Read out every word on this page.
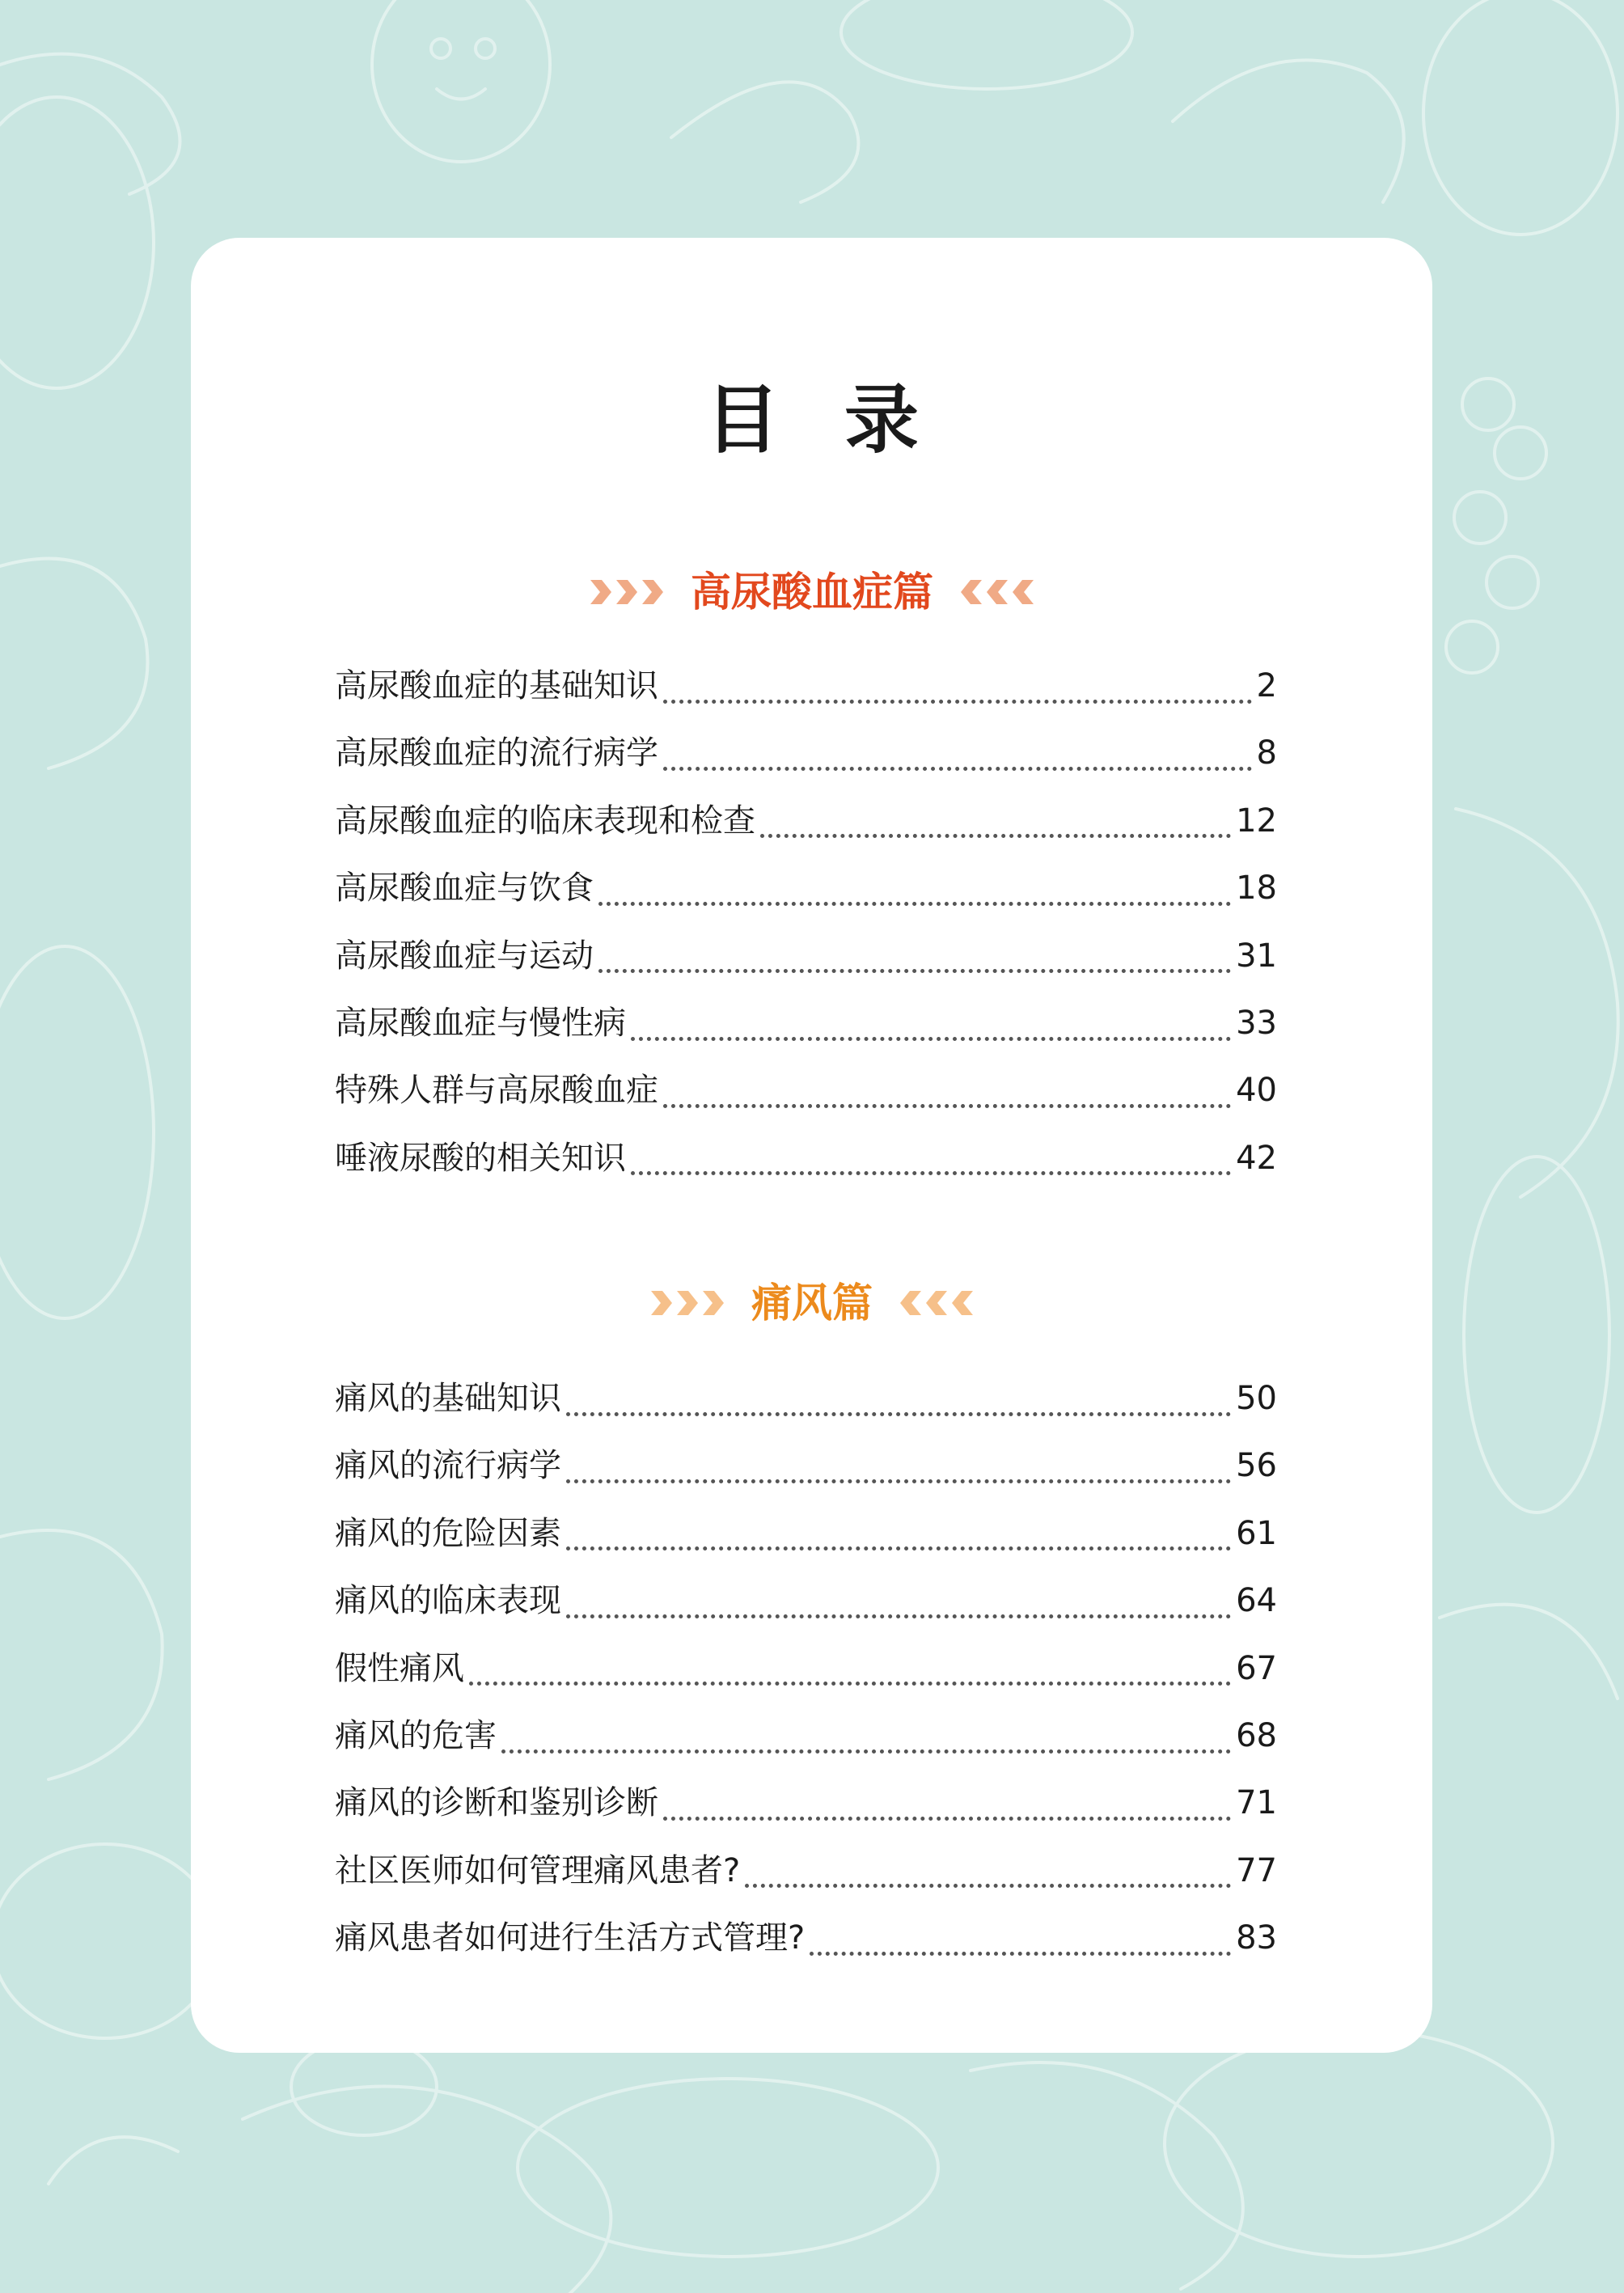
目录
高尿酸血症篇
高尿酸血症的基础知识	2
高尿酸血症的流行病学	8
高尿酸血症的临床表现和检查	12
高尿酸血症与饮食	18
高尿酸血症与运动	31
高尿酸血症与慢性病	33
特殊人群与高尿酸血症	40
唾液尿酸的相关知识	42
痛风篇
痛风的基础知识	50
痛风的流行病学	56
痛风的危险因素	61
痛风的临床表现	64
假性痛风	67
痛风的危害	68
痛风的诊断和鉴别诊断	71
社区医师如何管理痛风患者?	77
痛风患者如何进行生活方式管理?	83
